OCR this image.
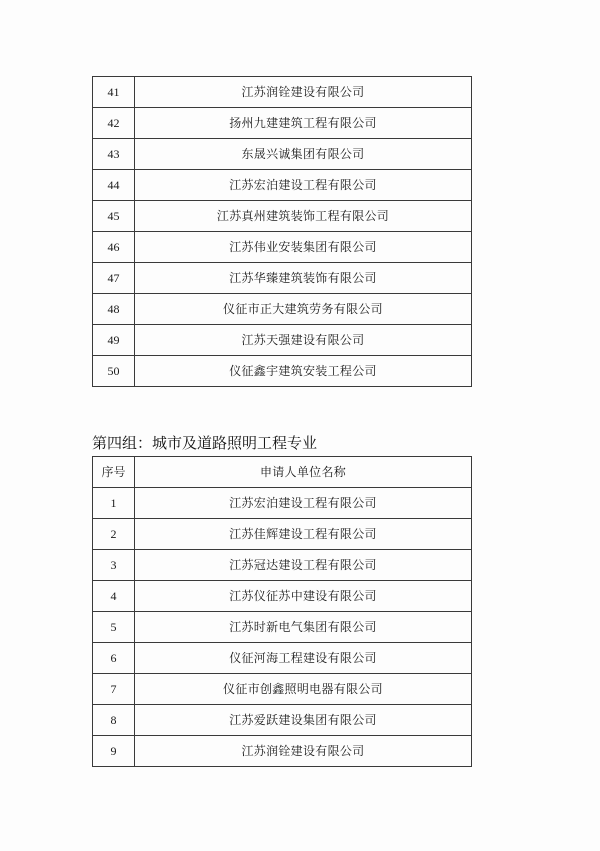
41	江苏润铨建设有限公司
42	扬州九建建筑工程有限公司
43	东晟兴诚集团有限公司
44	江苏宏泊建设工程有限公司
45	江苏真州建筑装饰工程有限公司
46	江苏伟业安装集团有限公司
47	江苏华臻建筑装饰有限公司
48	仪征市正大建筑劳务有限公司
49	江苏天强建设有限公司
50	仪征鑫宇建筑安装工程公司
第四组：城市及道路照明工程专业
序号	申请人单位名称
1	江苏宏泊建设工程有限公司
2	江苏佳辉建设工程有限公司
3	江苏冠达建设工程有限公司
4	江苏仪征苏中建设有限公司
5	江苏时新电气集团有限公司
6	仪征河海工程建设有限公司
7	仪征市创鑫照明电器有限公司
8	江苏爱跃建设集团有限公司
9	江苏润铨建设有限公司
